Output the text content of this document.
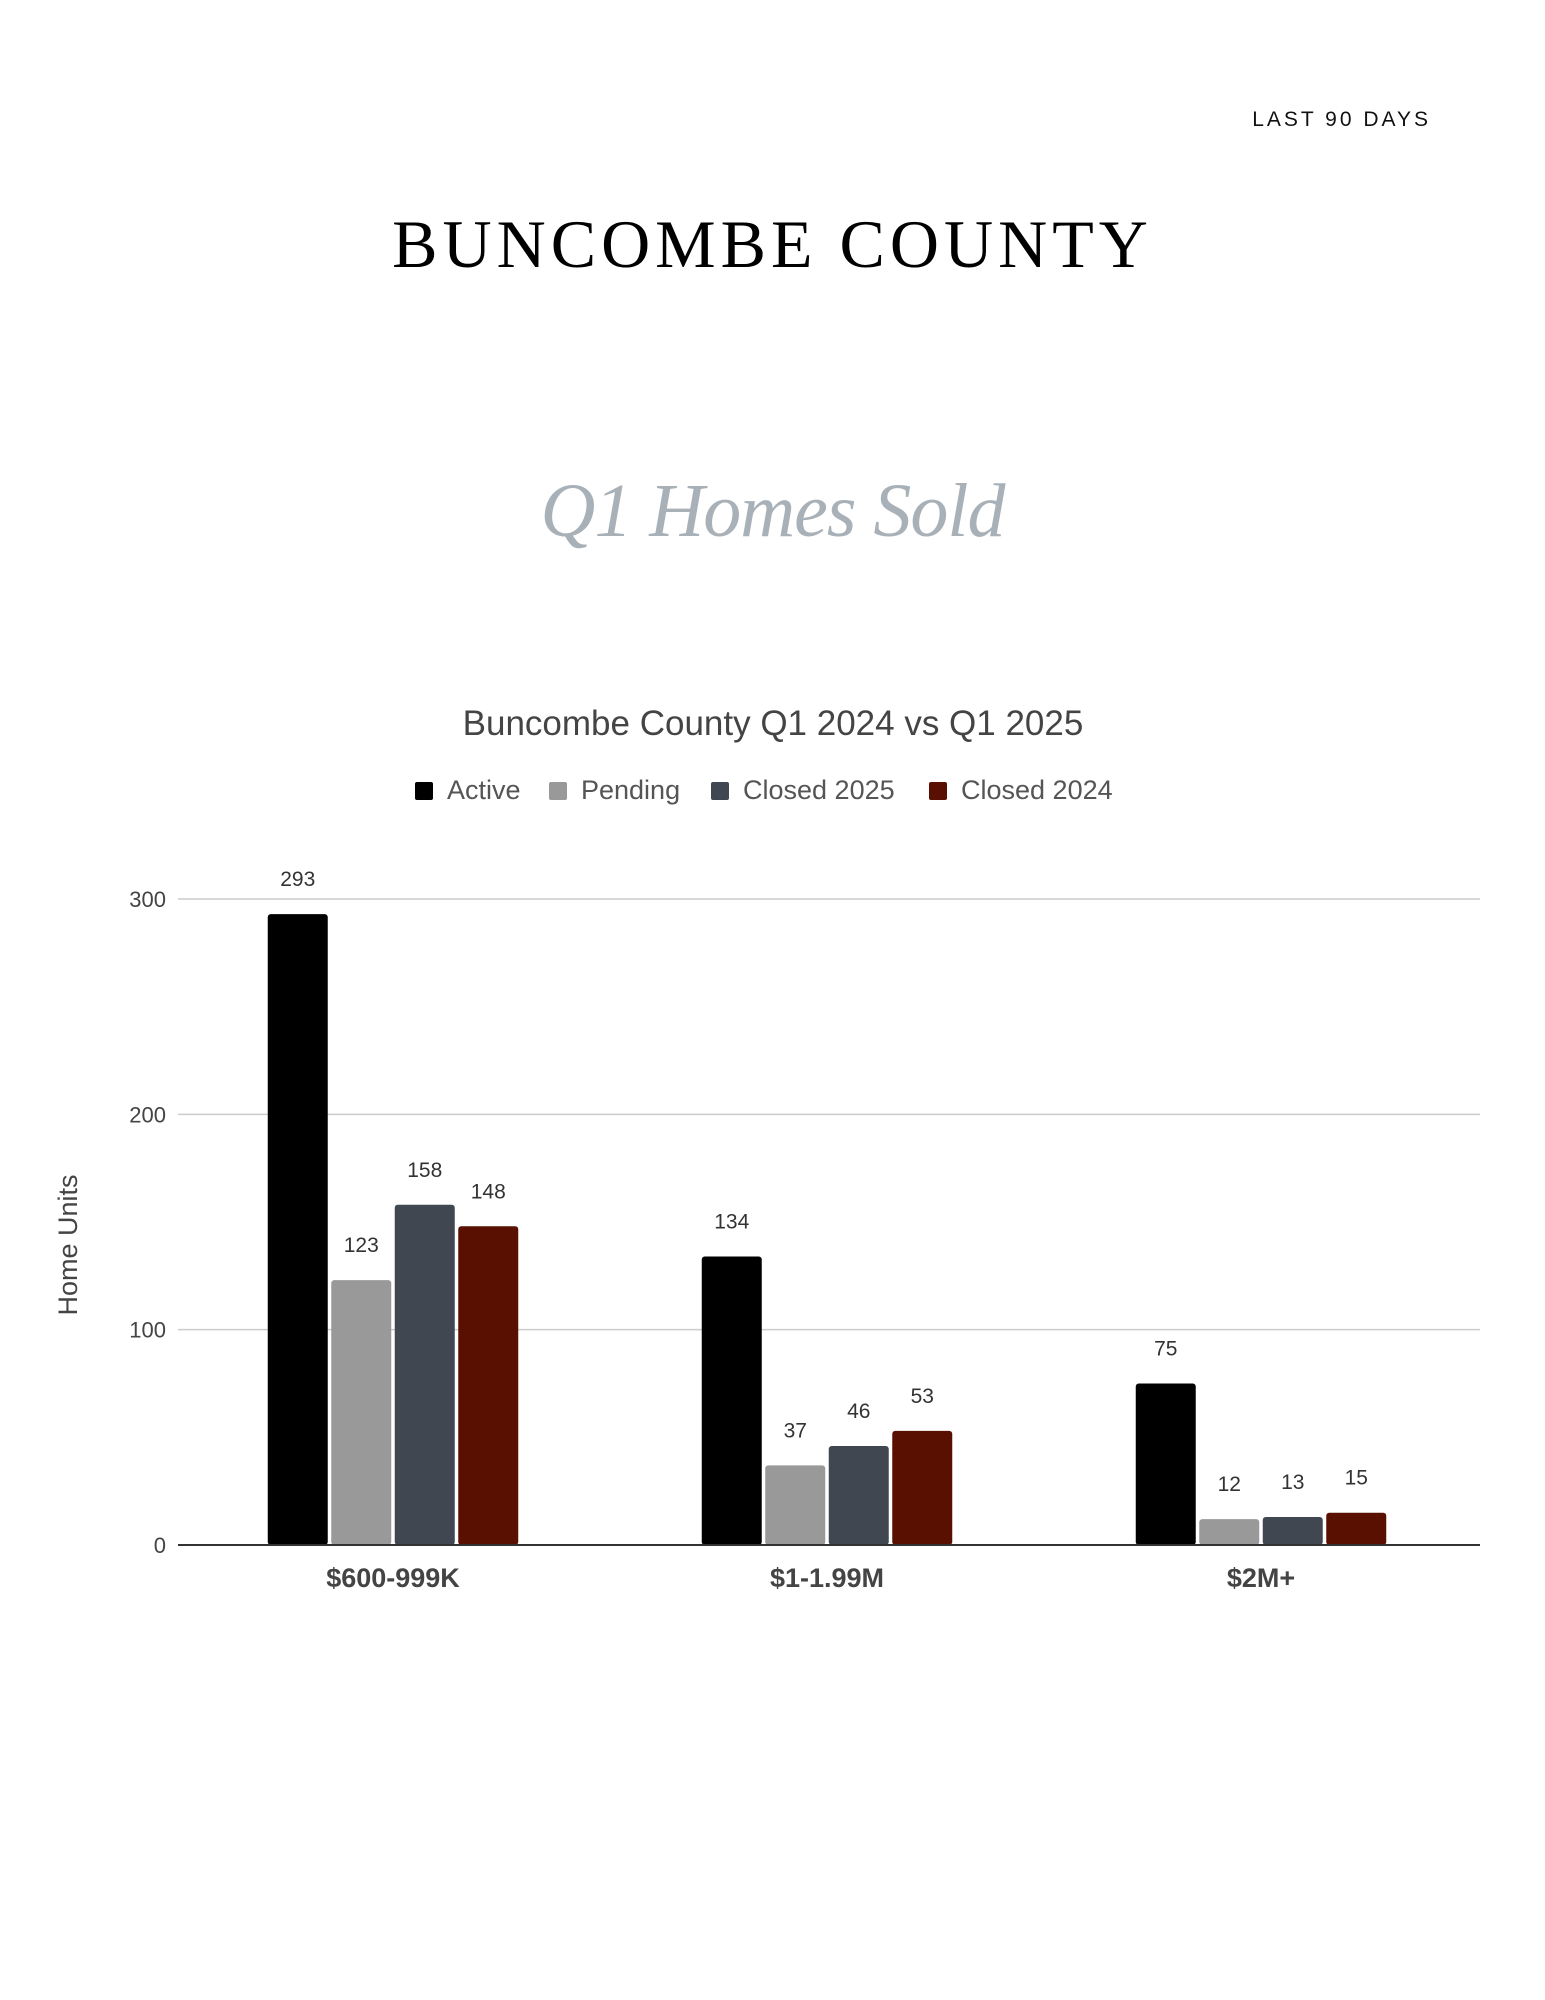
LAST 90 DAYS
BUNCOMBE COUNTY
Q1 Homes Sold
Buncombe County Q1 2024 vs Q1 2025
Active Pending Closed 2025 Closed 2024
0
100
200
300
Home Units
293
123
158
148
134
37
46
53
75
12 13 15
$600-999K	$1-1.99M	$2M+
